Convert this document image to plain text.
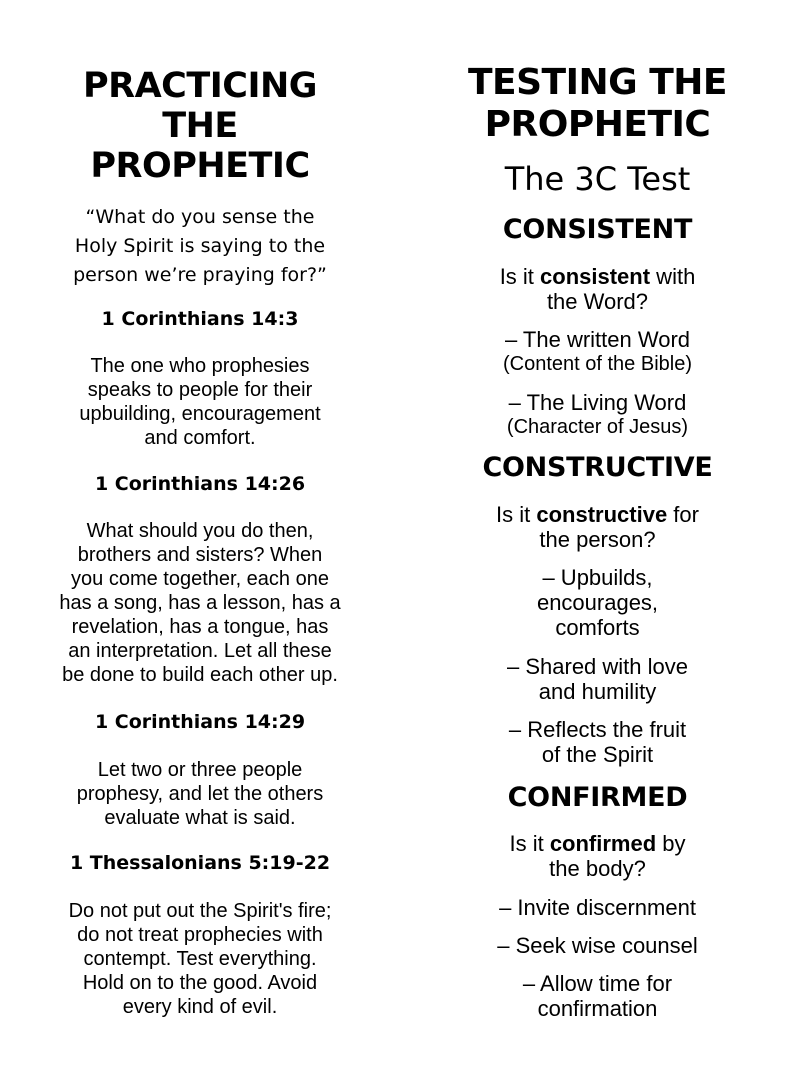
PRACTICING
THE
PROPHETIC
“What do you sense the
Holy Spirit is saying to the
person we’re praying for?”
1 Corinthians 14:3
The one who prophesies
speaks to people for their
upbuilding, encouragement
and comfort.
1 Corinthians 14:26
What should you do then,
brothers and sisters? When
you come together, each one
has a song, has a lesson, has a
revelation, has a tongue, has
an interpretation. Let all these
be done to build each other up.
1 Corinthians 14:29
Let two or three people
prophesy, and let the others
evaluate what is said.
1 Thessalonians 5:19-22
Do not put out the Spirit's fire;
do not treat prophecies with
contempt. Test everything.
Hold on to the good. Avoid
every kind of evil.
TESTING THE
PROPHETIC
The 3C Test
CONSISTENT
Is it consistent with
the Word?
– The written Word
(Content of the Bible)
– The Living Word
(Character of Jesus)
CONSTRUCTIVE
Is it constructive for
the person?
– Upbuilds,
encourages,
comforts
– Shared with love
and humility
– Reflects the fruit
of the Spirit
CONFIRMED
Is it confirmed by
the body?
– Invite discernment
– Seek wise counsel
– Allow time for
confirmation
